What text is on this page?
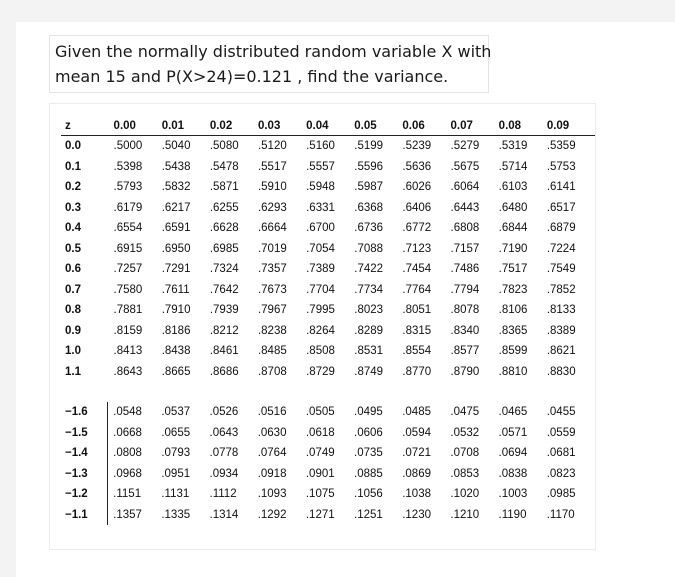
Given the normally distributed random variable X with
mean 15 and P(X>24)=0.121 , find the variance.
z	0.00	0.01	0.02	0.03	0.04	0.05	0.06	0.07	0.08	0.09
0.0	.5000	.5040	.5080	.5120	.5160	.5199	.5239	.5279	.5319	.5359
0.1	.5398	.5438	.5478	.5517	.5557	.5596	.5636	.5675	.5714	.5753
0.2	.5793	.5832	.5871	.5910	.5948	.5987	.6026	.6064	.6103	.6141
0.3	.6179	.6217	.6255	.6293	.6331	.6368	.6406	.6443	.6480	.6517
0.4	.6554	.6591	.6628	.6664	.6700	.6736	.6772	.6808	.6844	.6879
0.5	.6915	.6950	.6985	.7019	.7054	.7088	.7123	.7157	.7190	.7224
0.6	.7257	.7291	.7324	.7357	.7389	.7422	.7454	.7486	.7517	.7549
0.7	.7580	.7611	.7642	.7673	.7704	.7734	.7764	.7794	.7823	.7852
0.8	.7881	.7910	.7939	.7967	.7995	.8023	.8051	.8078	.8106	.8133
0.9	.8159	.8186	.8212	.8238	.8264	.8289	.8315	.8340	.8365	.8389
1.0	.8413	.8438	.8461	.8485	.8508	.8531	.8554	.8577	.8599	.8621
1.1	.8643	.8665	.8686	.8708	.8729	.8749	.8770	.8790	.8810	.8830
−1.6	.0548	.0537	.0526	.0516	.0505	.0495	.0485	.0475	.0465	.0455
−1.5	.0668	.0655	.0643	.0630	.0618	.0606	.0594	.0532	.0571	.0559
−1.4	.0808	.0793	.0778	.0764	.0749	.0735	.0721	.0708	.0694	.0681
−1.3	.0968	.0951	.0934	.0918	.0901	.0885	.0869	.0853	.0838	.0823
−1.2	.1151	.1131	.1112	.1093	.1075	.1056	.1038	.1020	.1003	.0985
−1.1	.1357	.1335	.1314	.1292	.1271	.1251	.1230	.1210	.1190	.1170
